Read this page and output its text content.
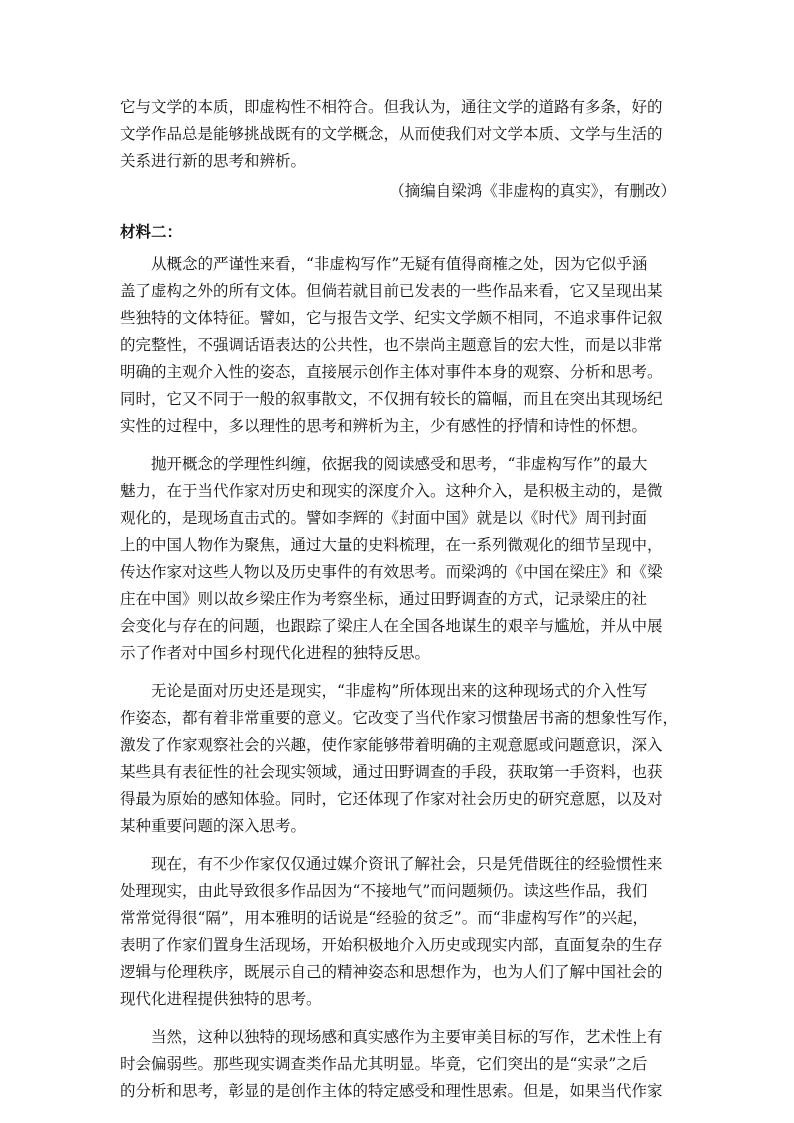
它与文学的本质，即虚构性不相符合。但我认为，通往文学的道路有多条，好的
文学作品总是能够挑战既有的文学概念，从而使我们对文学本质、文学与生活的
关系进行新的思考和辨析。
（摘编自梁鸿《非虚构的真实》，有删改）
材料二：
从概念的严谨性来看，“非虚构写作”无疑有值得商榷之处，因为它似乎涵
盖了虚构之外的所有文体。但倘若就目前已发表的一些作品来看，它又呈现出某
些独特的文体特征。譬如，它与报告文学、纪实文学颇不相同，不追求事件记叙
的完整性，不强调话语表达的公共性，也不崇尚主题意旨的宏大性，而是以非常
明确的主观介入性的姿态，直接展示创作主体对事件本身的观察、分析和思考。
同时，它又不同于一般的叙事散文，不仅拥有较长的篇幅，而且在突出其现场纪
实性的过程中，多以理性的思考和辨析为主，少有感性的抒情和诗性的怀想。
抛开概念的学理性纠缠，依据我的阅读感受和思考，“非虚构写作”的最大
魅力，在于当代作家对历史和现实的深度介入。这种介入，是积极主动的，是微
观化的，是现场直击式的。譬如李辉的《封面中国》就是以《时代》周刊封面
上的中国人物作为聚焦，通过大量的史料梳理，在一系列微观化的细节呈现中，
传达作家对这些人物以及历史事件的有效思考。而梁鸿的《中国在梁庄》和《梁
庄在中国》则以故乡梁庄作为考察坐标，通过田野调查的方式，记录梁庄的社
会变化与存在的问题，也跟踪了梁庄人在全国各地谋生的艰辛与尴尬，并从中展
示了作者对中国乡村现代化进程的独特反思。
无论是面对历史还是现实，“非虚构”所体现出来的这种现场式的介入性写
作姿态，都有着非常重要的意义。它改变了当代作家习惯蛰居书斋的想象性写作，
激发了作家观察社会的兴趣，使作家能够带着明确的主观意愿或问题意识，深入
某些具有表征性的社会现实领域，通过田野调查的手段，获取第一手资料，也获
得最为原始的感知体验。同时，它还体现了作家对社会历史的研究意愿，以及对
某种重要问题的深入思考。
现在，有不少作家仅仅通过媒介资讯了解社会，只是凭借既往的经验惯性来
处理现实，由此导致很多作品因为“不接地气”而问题频仍。读这些作品，我们
常常觉得很“隔”，用本雅明的话说是“经验的贫乏”。而“非虚构写作”的兴起，
表明了作家们置身生活现场，开始积极地介入历史或现实内部，直面复杂的生存
逻辑与伦理秩序，既展示自己的精神姿态和思想作为，也为人们了解中国社会的
现代化进程提供独特的思考。
当然，这种以独特的现场感和真实感作为主要审美目标的写作，艺术性上有
时会偏弱些。那些现实调查类作品尤其明显。毕竟，它们突出的是“实录”之后
的分析和思考，彰显的是创作主体的特定感受和理性思索。但是，如果当代作家
